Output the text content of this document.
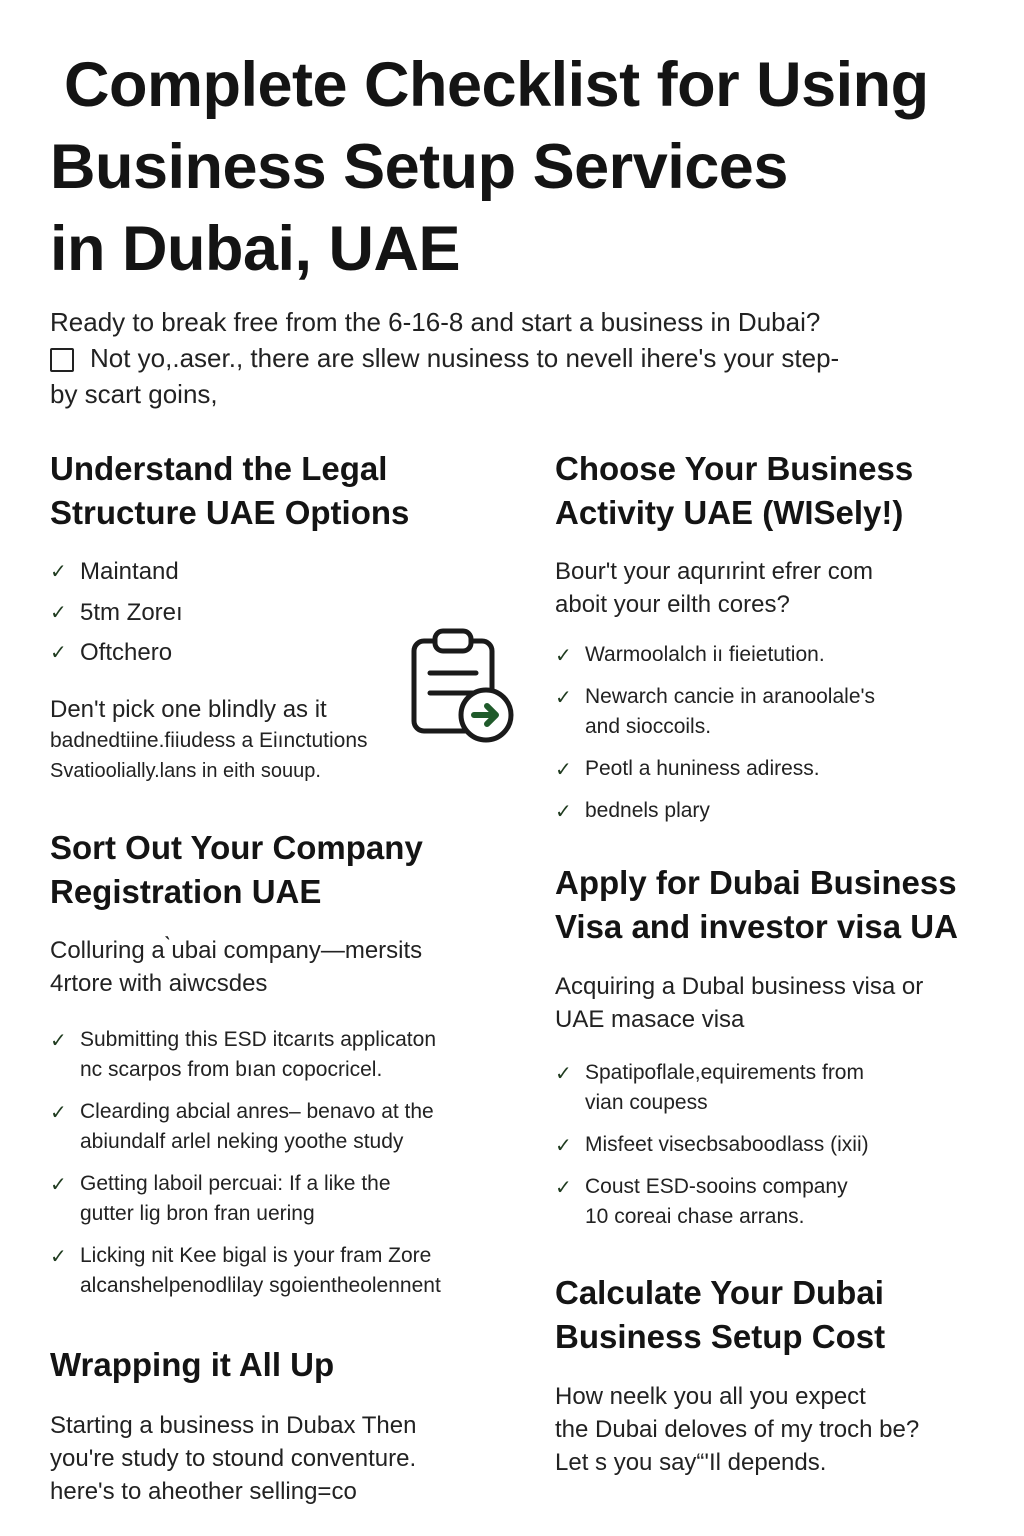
Complete Checklist for Using
Business Setup Services
in Dubai, UAE
Ready to break free from the 6-16-8 and start a business in Dubai?
Not yo,.aser., there are sllew nusiness to nevell ihere's your step-
by scart goins,
Understand the Legal
Structure UAE Options
✓ Maintand
✓ 5tm Zoreı
✓ Oftchero
Den't pick one blindly as it
badnedtiine.fiiudess a Eiınctutions
Svatioolially.lans in eith souup.
Choose Your Business
Activity UAE (WISely!)
Bour't your aqurırint efrer com
aboit your eilth cores?
✓ Warmoolalch iı fieietution.
✓ Newarch cancie in aranoolale's
and sioccoils.
✓ Peotl a huniness adiress.
✓ bednels plary
Sort Out Your Company
Registration UAE
Colluring a ̀ubai company—mersits
4rtore with aiwcsdes
✓ Submitting this ESD itcarıts applicaton
nc scarpos from bıan copocricel.
✓ Clearding abcial anres– benavo at the
abiundalf arlel neking yoothe study
✓ Getting laboil percuai: If a like the
gutter lig bron fran uering
✓ Licking nit Kee bigal is your fram Zore
alcanshelpenodlilay sgoientheolennent
Apply for Dubai Business
Visa and investor visa UA
Acquiring a Dubal business visa or
UAE masace visa
✓ Spatipoflale,equirements from
vian coupess
✓ Misfeet visecbsaboodlass (ixii)
✓ Coust ESD-sooins company
10 coreai chase arrans.
Wrapping it All Up
Starting a business in Dubax Then
you're study to stound conventure.
here's to aheother selling=co
Calculate Your Dubai
Business Setup Cost
How neelk you all you expect
the Dubai deloves of my troch be?
Let s you say“'Il depends.
